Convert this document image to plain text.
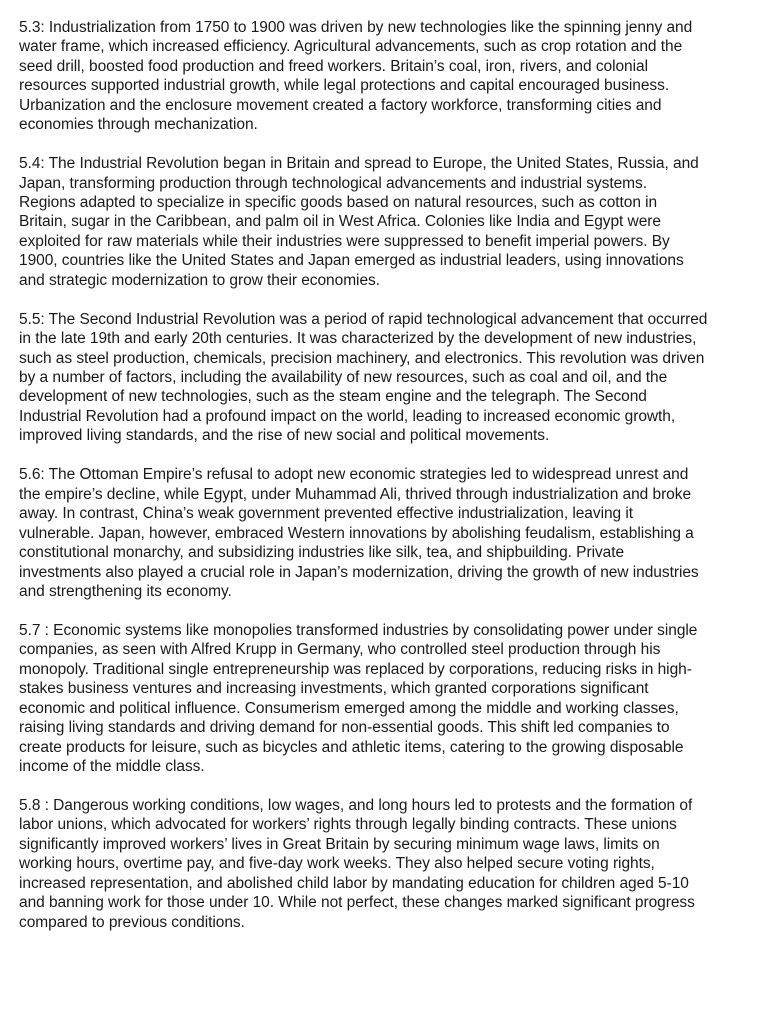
5.3: Industrialization from 1750 to 1900 was driven by new technologies like the spinning jenny and
water frame, which increased efficiency. Agricultural advancements, such as crop rotation and the
seed drill, boosted food production and freed workers. Britain’s coal, iron, rivers, and colonial
resources supported industrial growth, while legal protections and capital encouraged business.
Urbanization and the enclosure movement created a factory workforce, transforming cities and
economies through mechanization.

5.4: The Industrial Revolution began in Britain and spread to Europe, the United States, Russia, and
Japan, transforming production through technological advancements and industrial systems.
Regions adapted to specialize in specific goods based on natural resources, such as cotton in
Britain, sugar in the Caribbean, and palm oil in West Africa. Colonies like India and Egypt were
exploited for raw materials while their industries were suppressed to benefit imperial powers. By
1900, countries like the United States and Japan emerged as industrial leaders, using innovations
and strategic modernization to grow their economies.

5.5: The Second Industrial Revolution was a period of rapid technological advancement that occurred
in the late 19th and early 20th centuries. It was characterized by the development of new industries,
such as steel production, chemicals, precision machinery, and electronics. This revolution was driven
by a number of factors, including the availability of new resources, such as coal and oil, and the
development of new technologies, such as the steam engine and the telegraph. The Second
Industrial Revolution had a profound impact on the world, leading to increased economic growth,
improved living standards, and the rise of new social and political movements.

5.6: The Ottoman Empire’s refusal to adopt new economic strategies led to widespread unrest and
the empire’s decline, while Egypt, under Muhammad Ali, thrived through industrialization and broke
away. In contrast, China’s weak government prevented effective industrialization, leaving it
vulnerable. Japan, however, embraced Western innovations by abolishing feudalism, establishing a
constitutional monarchy, and subsidizing industries like silk, tea, and shipbuilding. Private
investments also played a crucial role in Japan’s modernization, driving the growth of new industries
and strengthening its economy.

5.7 : Economic systems like monopolies transformed industries by consolidating power under single
companies, as seen with Alfred Krupp in Germany, who controlled steel production through his
monopoly. Traditional single entrepreneurship was replaced by corporations, reducing risks in high-
stakes business ventures and increasing investments, which granted corporations significant
economic and political influence. Consumerism emerged among the middle and working classes,
raising living standards and driving demand for non-essential goods. This shift led companies to
create products for leisure, such as bicycles and athletic items, catering to the growing disposable
income of the middle class.

5.8 : Dangerous working conditions, low wages, and long hours led to protests and the formation of
labor unions, which advocated for workers’ rights through legally binding contracts. These unions
significantly improved workers’ lives in Great Britain by securing minimum wage laws, limits on
working hours, overtime pay, and five-day work weeks. They also helped secure voting rights,
increased representation, and abolished child labor by mandating education for children aged 5-10
and banning work for those under 10. While not perfect, these changes marked significant progress
compared to previous conditions.
